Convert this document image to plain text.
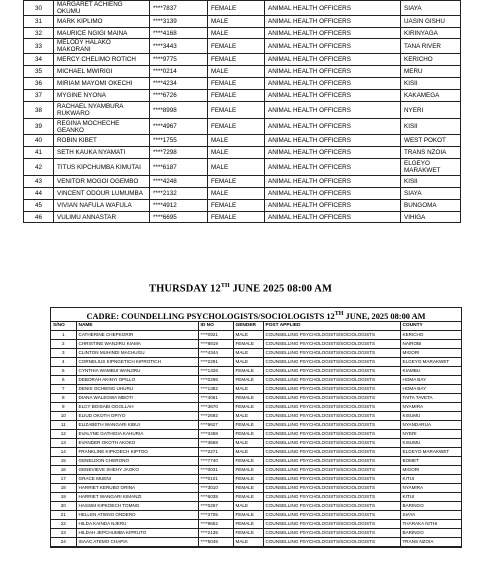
30	MARGARET ACHIENG OKUMU	****7837	FEMALE	ANIMAL HEALTH OFFICERS	SIAYA
31	MARK KIPLIMO	****3139	MALE	ANIMAL HEALTH OFFICERS	UASIN GISHU
32	MAURICE NGIGI MAINA	****4168	MALE	ANIMAL HEALTH OFFICERS	KIRINYAGA
33	MELODY HALAKO MAKORANI	****3443	FEMALE	ANIMAL HEALTH OFFICERS	TANA RIVER
34	MERCY CHELIMO ROTICH	****9775	FEMALE	ANIMAL HEALTH OFFICERS	KERICHO
35	MICHAEL MWIRIGI	****0214	MALE	ANIMAL HEALTH OFFICERS	MERU
36	MIRIAM MAYOMI OKECHI	****4234	FEMALE	ANIMAL HEALTH OFFICERS	KISII
37	MYGINE NYONA	****6726	FEMALE	ANIMAL HEALTH OFFICERS	KAKAMEGA
38	RACHAEL NYAMBURA RUKWARO	****8998	FEMALE	ANIMAL HEALTH OFFICERS	NYERI
39	REGINA MOCHECHE GEANKO	****4967	FEMALE	ANIMAL HEALTH OFFICERS	KISII
40	ROBIN KIBET	****1755	MALE	ANIMAL HEALTH OFFICERS	WEST POKOT
41	SETH KAUKA NYAMATI	****7298	MALE	ANIMAL HEALTH OFFICERS	TRANS NZOIA
42	TITUS KIPCHUMBA KIMUTAI	****6187	MALE	ANIMAL HEALTH OFFICERS	ELGEYO MARAKWET
43	VENITOR MOGOI OGEMBO	****4248	FEMALE	ANIMAL HEALTH OFFICERS	KISII
44	VINCENT ODOUR LUMUMBA	****2132	MALE	ANIMAL HEALTH OFFICERS	SIAYA
45	VIVIAN NAFULA WAFULA	****4912	FEMALE	ANIMAL HEALTH OFFICERS	BUNGOMA
46	VULIMU ANNASTAR	****6695	FEMALE	ANIMAL HEALTH OFFICERS	VIHIGA
THURSDAY 12TH JUNE 2025 08:00 AM
CADRE: COUNDELLING PSYCHOLOGISTS/SOCIOLOGISTS 12TH JUNE, 2025 08:00 AM
S/NO	NAME	ID NO	GENDER	POST APPLIED	COUNTY
1	CATHERINE CHEPKORIR	****0921	MALE	COUNSELLING PSYCHOLOGISTS/SOCIOLOGISTS	KERICHO
2	CHRISTINE WANJIRU KIAMA	****8819	FEMALE	COUNSELLING PSYCHOLOGISTS/SOCIOLOGISTS	NAIROBI
3	CLINTON MUHINDI MACHUGU	****4344	MALE	COUNSELLING PSYCHOLOGISTS/SOCIOLOGISTS	MIGORI
4	CORNELIUS KIPNGETICH KIPROTICH	****2291	MALE	COUNSELLING PSYCHOLOGISTS/SOCIOLOGISTS	ELGEYO MARAKWET
5	CYNTHIA WAMBUI WANJIRU	****1326	FEMALE	COUNSELLING PSYCHOLOGISTS/SOCIOLOGISTS	KIAMBU
6	DEBORAH AKINYI OPILLO	****0296	FEMALE	COUNSELLING PSYCHOLOGISTS/SOCIOLOGISTS	HOMA BAY
7	DENIS OCHIENG UHURU	****1382	MALE	COUNSELLING PSYCHOLOGISTS/SOCIOLOGISTS	HOMA BAY
8	DIANA WALEGWA MBOTI	****4061	FEMALE	COUNSELLING PSYCHOLOGISTS/SOCIOLOGISTS	TAITA TAVETA
9	ELCY BOISABI OGOLLAH	****3670	FEMALE	COUNSELLING PSYCHOLOGISTS/SOCIOLOGISTS	NYAMIRA
10	ELIUD OKOTH OPIYO	****2692	MALE	COUNSELLING PSYCHOLOGISTS/SOCIOLOGISTS	KISUMU
11	ELIZABETH WANGARI KIBUI	****9627	FEMALE	COUNSELLING PSYCHOLOGISTS/SOCIOLOGISTS	NYANDARUA
12	EVALYNE GATHIGIA KAHURIA	****3458	FEMALE	COUNSELLING PSYCHOLOGISTS/SOCIOLOGISTS	NYERI
13	EVANDER OKOTH AKOKO	****3668	MALE	COUNSELLING PSYCHOLOGISTS/SOCIOLOGISTS	KISUMU
14	FRANKLINE KIPKOECH KIPTOO	****2271	MALE	COUNSELLING PSYCHOLOGISTS/SOCIOLOGISTS	ELGEYO MARAKWET
15	GENELDON CHERONO	****7740	FEMALE	COUNSELLING PSYCHOLOGISTS/SOCIOLOGISTS	BOMET
16	GENEVIEVE SHEHY JAOKO	****0031	FEMALE	COUNSELLING PSYCHOLOGISTS/SOCIOLOGISTS	MIGORI
17	GRACE MUENI	****0101	FEMALE	COUNSELLING PSYCHOLOGISTS/SOCIOLOGISTS	KITUI
18	HARRIET KERUBO ORINA	****3010	FEMALE	COUNSELLING PSYCHOLOGISTS/SOCIOLOGISTS	NYAMIRA
19	HARRIET WANGARI KIMANZI	****6038	FEMALE	COUNSELLING PSYCHOLOGISTS/SOCIOLOGISTS	KITUI
20	HASSIM KIPKOECH TOMNO	****0267	MALE	COUNSELLING PSYCHOLOGISTS/SOCIOLOGISTS	BARINGO
21	HELLEN ATIENO ONDERO	****3705	FEMALE	COUNSELLING PSYCHOLOGISTS/SOCIOLOGISTS	SIAYA
22	HILDA KAINDA NJERU	****9652	FEMALE	COUNSELLING PSYCHOLOGISTS/SOCIOLOGISTS	THARAKA NITHI
23	HILDAH JEPCHUMBA KIPRUTO	****2135	FEMALE	COUNSELLING PSYCHOLOGISTS/SOCIOLOGISTS	BARINGO
24	ISAAC ATEMO CHAPIA	****5045	MALE	COUNSELLING PSYCHOLOGISTS/SOCIOLOGISTS	TRANS NZOIA
